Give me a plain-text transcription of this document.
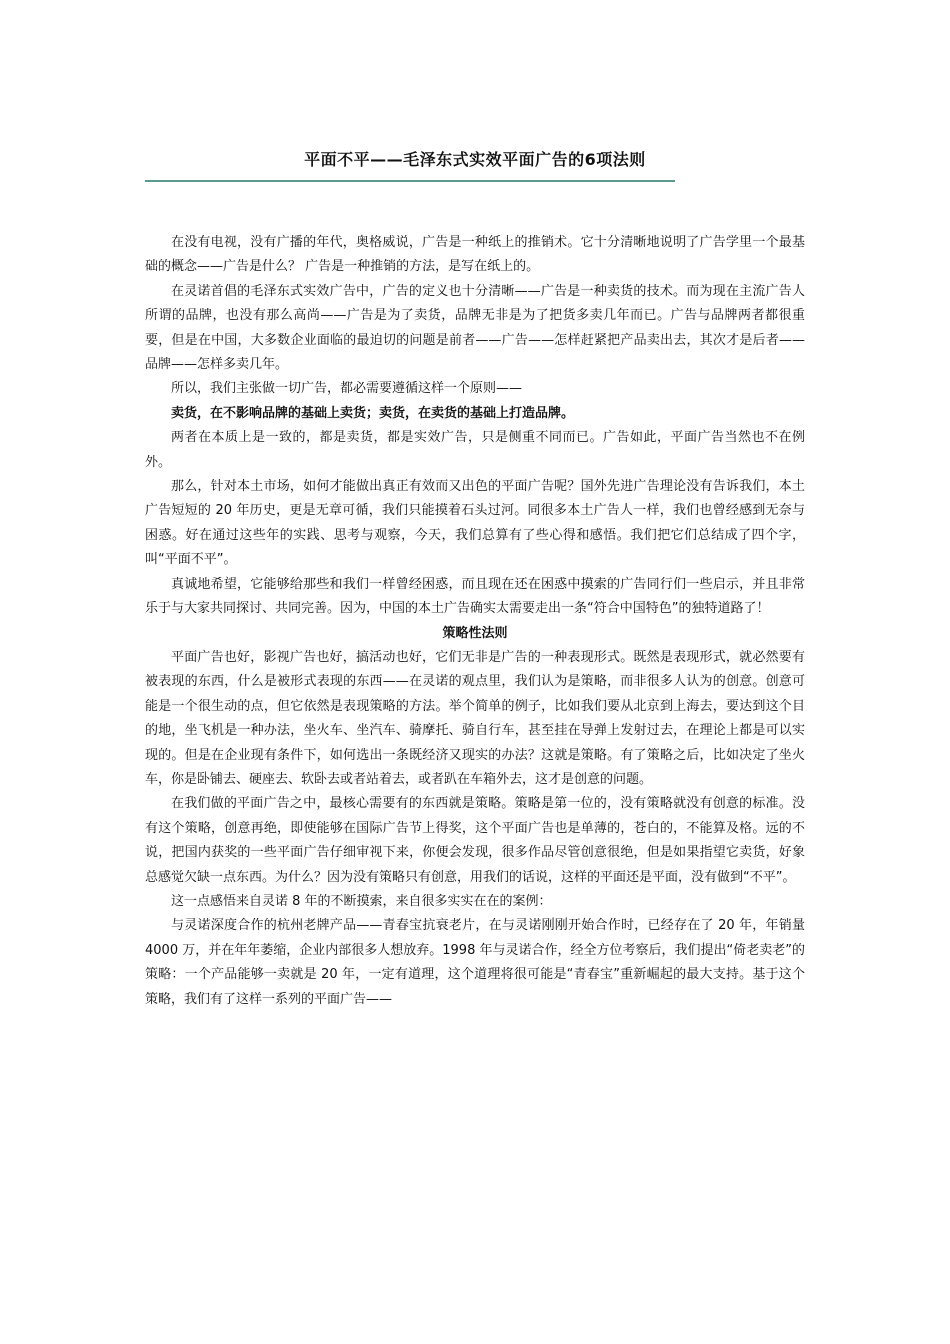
平面不平——毛泽东式实效平面广告的6项法则

在没有电视，没有广播的年代，奥格威说，广告是一种纸上的推销术。它十分清晰地说明了广告学里一个最基础的概念——广告是什么？ 广告是一种推销的方法，是写在纸上的。

在灵诺首倡的毛泽东式实效广告中，广告的定义也十分清晰——广告是一种卖货的技术。而为现在主流广告人所谓的品牌，也没有那么高尚——广告是为了卖货，品牌无非是为了把货多卖几年而已。广告与品牌两者都很重要，但是在中国，大多数企业面临的最迫切的问题是前者——广告——怎样赶紧把产品卖出去，其次才是后者——品牌——怎样多卖几年。

所以，我们主张做一切广告，都必需要遵循这样一个原则——

卖货，在不影响品牌的基础上卖货；卖货，在卖货的基础上打造品牌。

两者在本质上是一致的，都是卖货，都是实效广告，只是侧重不同而已。广告如此，平面广告当然也不在例外。

那么，针对本土市场，如何才能做出真正有效而又出色的平面广告呢？国外先进广告理论没有告诉我们，本土广告短短的 20 年历史，更是无章可循，我们只能摸着石头过河。同很多本土广告人一样，我们也曾经感到无奈与困惑。好在通过这些年的实践、思考与观察，今天，我们总算有了些心得和感悟。我们把它们总结成了四个字，叫“平面不平”。

真诚地希望，它能够给那些和我们一样曾经困惑，而且现在还在困惑中摸索的广告同行们一些启示，并且非常乐于与大家共同探讨、共同完善。因为，中国的本土广告确实太需要走出一条“符合中国特色”的独特道路了！

策略性法则

平面广告也好，影视广告也好，搞活动也好，它们无非是广告的一种表现形式。既然是表现形式，就必然要有被表现的东西，什么是被形式表现的东西——在灵诺的观点里，我们认为是策略，而非很多人认为的创意。创意可能是一个很生动的点，但它依然是表现策略的方法。举个简单的例子，比如我们要从北京到上海去，要达到这个目的地，坐飞机是一种办法，坐火车、坐汽车、骑摩托、骑自行车，甚至挂在导弹上发射过去，在理论上都是可以实现的。但是在企业现有条件下，如何选出一条既经济又现实的办法？这就是策略。有了策略之后，比如决定了坐火车，你是卧铺去、硬座去、软卧去或者站着去，或者趴在车箱外去，这才是创意的问题。

在我们做的平面广告之中，最核心需要有的东西就是策略。策略是第一位的，没有策略就没有创意的标准。没有这个策略，创意再绝，即使能够在国际广告节上得奖，这个平面广告也是单薄的，苍白的，不能算及格。远的不说，把国内获奖的一些平面广告仔细审视下来，你便会发现，很多作品尽管创意很绝，但是如果指望它卖货，好象总感觉欠缺一点东西。为什么？因为没有策略只有创意，用我们的话说，这样的平面还是平面，没有做到“不平”。

这一点感悟来自灵诺 8 年的不断摸索，来自很多实实在在的案例：

与灵诺深度合作的杭州老牌产品——青春宝抗衰老片，在与灵诺刚刚开始合作时，已经存在了 20 年，年销量 4000 万，并在年年萎缩，企业内部很多人想放弃。1998 年与灵诺合作，经全方位考察后，我们提出“倚老卖老”的策略：一个产品能够一卖就是 20 年，一定有道理，这个道理将很可能是“青春宝”重新崛起的最大支持。基于这个策略，我们有了这样一系列的平面广告——
